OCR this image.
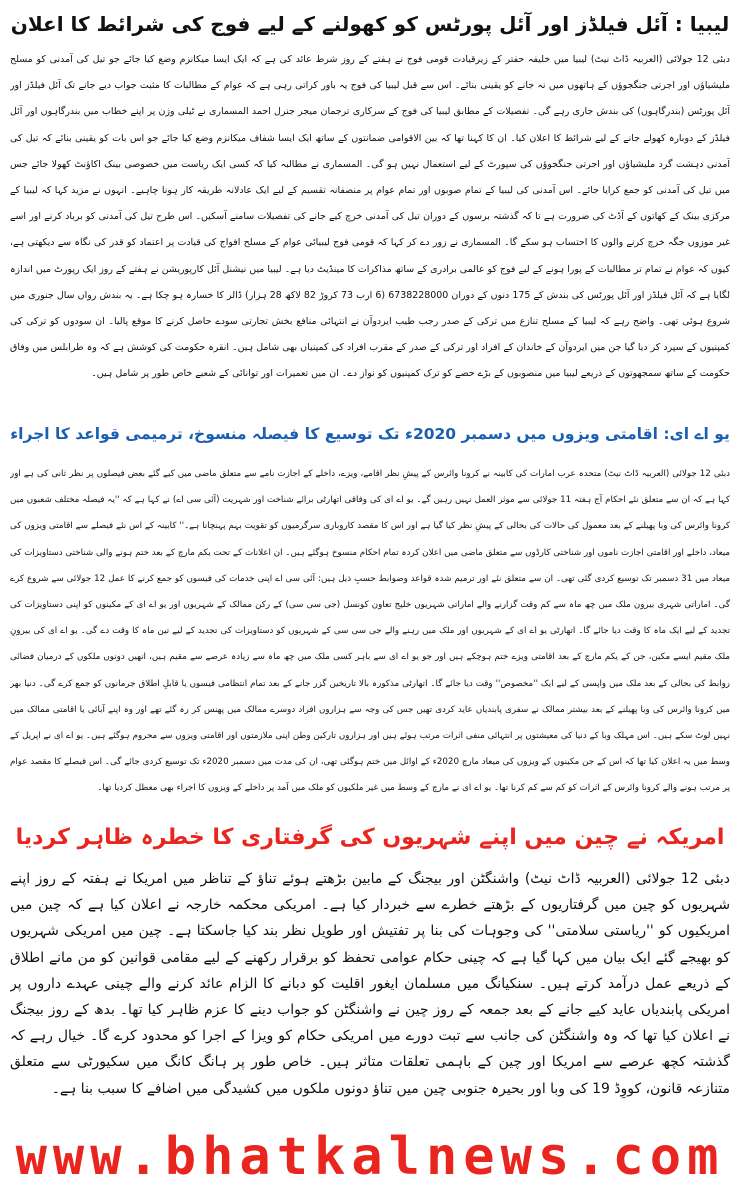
لیبیا : آئل فیلڈز اور آئل پورٹس کو کھولنے کے لیے فوج کی شرائط کا اعلان
دبئی 12 جولائی (العربیہ ڈاٹ نیٹ) لیبیا میں خلیفہ حفتر کے زیرقیادت قومی فوج نے ہفتے کے روز شرط عائد کی ہے کہ ایک ایسا میکانزم وضع کیا جائے جو تیل کی آمدنی کو مسلح ملیشیاؤں اور اجرتی جنگجوؤں کے ہاتھوں میں نہ جانے کو یقینی بنائے۔ اس سے قبل لیبیا کی فوج یہ باور کراتی رہی ہے کہ عوام کے مطالبات کا مثبت جواب دیے جانے تک آئل فیلڈز اور آئل پورٹس (بندرگاہوں) کی بندش جاری رہے گی۔ تفصیلات کے مطابق لیبیا کی فوج کے سرکاری ترجمان میجر جنرل احمد المسماری نے ٹیلی وژن پر اپنے خطاب میں بندرگاہوں اور آئل فیلڈز کے دوبارہ کھولے جانے کے لیے شرائط کا اعلان کیا۔ ان کا کہنا تھا کہ بین الاقوامی ضمانتوں کے ساتھ ایک ایسا شفاف میکانزم وضع کیا جائے جو اس بات کو یقینی بنائے کہ تیل کی آمدنی دہشت گرد ملیشیاؤں اور اجرتی جنگجوؤں کی سپورٹ کے لیے استعمال نہیں ہو گی۔ المسماری نے مطالبہ کیا کہ کسی ایک ریاست میں خصوصی بینک اکاؤنٹ کھولا جائے جس میں تیل کی آمدنی کو جمع کرایا جائے۔ اس آمدنی کی لیبیا کے تمام صوبوں اور تمام عوام پر منصفانہ تقسیم کے لیے ایک عادلانہ طریقہ کار ہونا چاہیے۔ انہوں نے مزید کہا کہ لیبیا کے مرکزی بینک کے کھاتوں کے آڈٹ کی ضرورت ہے تا کہ گذشتہ برسوں کے دوران تیل کی آمدنی خرچ کیے جانے کی تفصیلات سامنے آسکیں۔ اس طرح تیل کی آمدنی کو برباد کرنے اور اسے غیر موزوں جگہ خرچ کرنے والوں کا احتساب ہو سکے گا۔ المسماری نے زور دے کر کہا کہ قومی فوج لیبیائی عوام کے مسلح افواج کی قیادت پر اعتماد کو قدر کی نگاہ سے دیکھتی ہے، کیوں کہ عوام نے تمام تر مطالبات کے پورا ہونے کے لیے فوج کو عالمی برادری کے ساتھ مذاکرات کا مینڈیٹ دیا ہے۔ لیبیا میں نیشنل آئل کارپوریشن نے ہفتے کے روز ایک رپورٹ میں اندازہ لگایا ہے کہ آئل فیلڈز اور آئل پورٹس کی بندش کے 175 دنوں کے دوران 6738228000 (6 ارب 73 کروڑ 82 لاکھ 28 ہزار) ڈالر کا خسارہ ہو چکا ہے۔ یہ بندش رواں سال جنوری میں شروع ہوئی تھی۔ واضح رہے کہ لیبیا کے مسلح تنازع میں ترکی کے صدر رجب طیب ایردوآن نے انتہائی منافع بخش تجارتی سودے حاصل کرنے کا موقع پالیا۔ ان سودوں کو ترکی کی کمپنیوں کے سپرد کر دیا گیا جن میں ایردوآن کے خاندان کے افراد اور ترکی کے صدر کے مقرب افراد کی کمپنیاں بھی شامل ہیں۔ انقرہ حکومت کی کوشش ہے کہ وہ طرابلس میں وفاق حکومت کے ساتھ سمجھوتوں کے ذریعے لیبیا میں منصوبوں کے بڑے حصے کو ترک کمپنیوں کو نواز دے۔ ان میں تعمیرات اور توانائی کے شعبے خاص طور پر شامل ہیں۔
یو اے ای: اقامتی ویزوں میں دسمبر 2020ء تک توسیع کا فیصلہ منسوخ، ترمیمی قواعد کا اجراء
دبئی 12 جولائی (العربیہ ڈاٹ نیٹ) متحدہ عرب امارات کی کابینہ نے کرونا وائرس کے پیشِ نظر اقامے، ویزے، داخلے کے اجازت نامے سے متعلق ماضی میں کیے گئے بعض فیصلوں پر نظر ثانی کی ہے اور کہا ہے کہ ان سے متعلق نئے احکام آج ہفتہ 11 جولائی سے موثر العمل نہیں رہیں گے۔ یو اے ای کی وفاقی اتھارٹی برائے شناخت اور شہریت (آئی سی اے) نے کہا ہے کہ ''یہ فیصلہ مختلف شعبوں میں کرونا وائرس کی وبا پھیلنے کے بعد معمول کی حالات کی بحالی کے پیشِ نظر کیا گیا ہے اور اس کا مقصد کاروباری سرگرمیوں کو تقویت بہم پہنچانا ہے۔'' کابینہ کے اس نئے فیصلے سے اقامتی ویزوں کی میعاد، داخلے اور اقامتی اجازت ناموں اور شناختی کارڈوں سے متعلق ماضی میں اعلان کردہ تمام احکام منسوخ ہوگئے ہیں۔ ان اعلانات کے تحت یکم مارچ کے بعد ختم ہونے والی شناختی دستاویزات کی میعاد میں 31 دسمبر تک توسیع کردی گئی تھی۔ ان سے متعلق نئے اور ترمیم شدہ قواعد وضوابط حسبِ ذیل ہیں: آئی سی اے اپنی خدمات کی فیسوں کو جمع کرنے کا عمل 12 جولائی سے شروع کرے گی۔ اماراتی شہری بیرون ملک میں چھ ماہ سے کم وقت گزارنے والے اماراتی شہریوں خلیج تعاون کونسل (جی سی سی) کے رکن ممالک کے شہریوں اور یو اے ای کے مکینوں کو اپنی دستاویزات کی تجدید کے لیے ایک ماہ کا وقت دیا جائے گا۔ اتھارٹی یو اے ای کے شہریوں اور ملک میں رہنے والے جی سی سی کے شہریوں کو دستاویزات کی تجدید کے لیے تین ماہ کا وقت دے گی۔ یو اے ای کی بیرونِ ملک مقیم ایسے مکین، جن کے یکم مارچ کے بعد اقامتی ویزے ختم ہوچکے ہیں اور جو یو اے ای سے باہر کسی ملک میں چھ ماہ سے زیادہ عرصے سے مقیم ہیں، انھیں دونوں ملکوں کے درمیان فضائی روابط کی بحالی کے بعد ملک میں واپسی کے لیے ایک ''مخصوص'' وقت دیا جائے گا۔ اتھارٹی مذکورہ بالا تاریخیں گزر جانے کے بعد تمام انتظامی فیسوں یا قابلِ اطلاق جرمانوں کو جمع کرے گی۔ دنیا بھر میں کرونا وائرس کی وبا پھیلنے کے بعد بیشتر ممالک نے سفری پابندیاں عاید کردی تھیں جس کی وجہ سے ہزاروں افراد دوسرے ممالک میں پھنس کر رہ گئے تھے اور وہ اپنے آبائی یا اقامتی ممالک میں نہیں لوٹ سکے ہیں۔ اس مہلک وبا کے دنیا کی معیشتوں پر انتہائی منفی اثرات مرتب ہوئے ہیں اور ہزاروں تارکین وطن اپنی ملازمتوں اور اقامتی ویزوں سے محروم ہوگئے ہیں۔ یو اے ای نے اپریل کے وسط میں یہ اعلان کیا تھا کہ اس کے جن مکینوں کے ویزوں کی میعاد مارچ 2020ء کے اوائل میں ختم ہوگئی تھی، ان کی مدت میں دسمبر 2020ء تک توسیع کردی جائے گی۔ اس فیصلے کا مقصد عوام پر مرتب ہونے والے کرونا وائرس کے اثرات کو کم سے کم کرنا تھا۔ یو اے ای نے مارچ کے وسط میں غیر ملکیوں کو ملک میں آمد پر داخلے کے ویزوں کا اجراء بھی معطل کردیا تھا۔
امریکہ نے چین میں اپنے شہریوں کی گرفتاری کا خطرہ ظاہر کردیا
دبئی 12 جولائی (العربیہ ڈاٹ نیٹ) واشنگٹن اور بیجنگ کے مابین بڑھتے ہوئے تناؤ کے تناظر میں امریکا نے ہفتہ کے روز اپنے شہریوں کو چین میں گرفتاریوں کے بڑھتے خطرے سے خبردار کیا ہے۔ امریکی محکمہ خارجہ نے اعلان کیا ہے کہ چین میں امریکیوں کو ''ریاستی سلامتی'' کی وجوہات کی بنا پر تفتیش اور طویل نظر بند کیا جاسکتا ہے۔ چین میں امریکی شہریوں کو بھیجے گئے ایک بیان میں کہا گیا ہے کہ چینی حکام عوامی تحفظ کو برقرار رکھنے کے لیے مقامی قوانین کو من مانے اطلاق کے ذریعے عمل درآمد کرتے ہیں۔ سنکیانگ میں مسلمان ایغور اقلیت کو دبانے کا الزام عائد کرنے والے چینی عہدے داروں پر امریکی پابندیاں عاید کیے جانے کے بعد جمعہ کے روز چین نے واشنگٹن کو جواب دینے کا عزم ظاہر کیا تھا۔ بدھ کے روز بیجنگ نے اعلان کیا تھا کہ وہ واشنگٹن کی جانب سے تبت دورے میں امریکی حکام کو ویزا کے اجرا کو محدود کرے گا۔ خیال رہے کہ گذشتہ کچھ عرصے سے امریکا اور چین کے باہمی تعلقات متاثر ہیں۔ خاص طور پر ہانگ کانگ میں سکیورٹی سے متعلق متنازعہ قانون، کووِڈ 19 کی وبا اور بحیرہ جنوبی چین میں تناؤ دونوں ملکوں میں کشیدگی میں اضافے کا سبب بنا ہے۔
www.bhatkalnews.com
